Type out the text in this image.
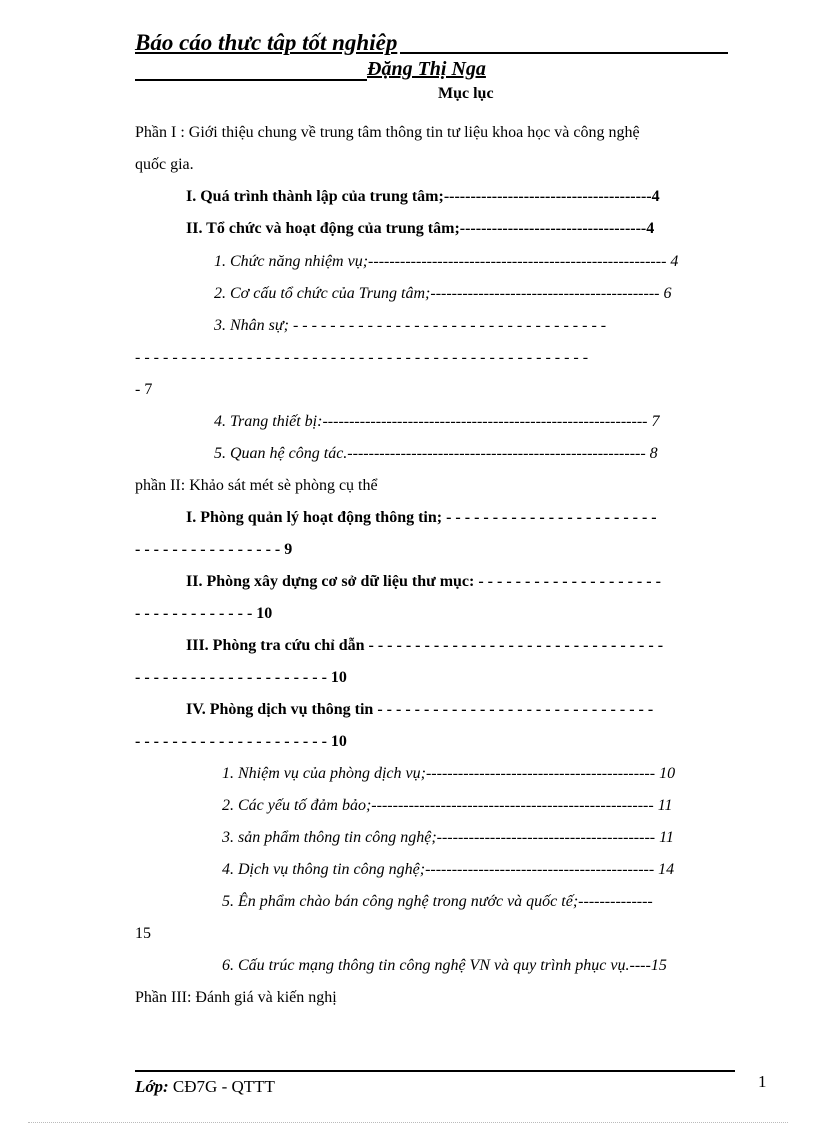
Báo cáo thưc tâp tốt nghiêp
Đặng Thị Nga
Mục lục
Phần I : Giới thiệu chung về trung tâm thông tin tư liệu khoa học và công nghệ
quốc gia.
I. Quá trình thành lập của trung tâm;---------------------------------------4
II. Tổ chức và hoạt động của trung tâm;-----------------------------------4
1. Chức năng nhiệm vụ;-------------------------------------------------------- 4
2. Cơ cấu tổ chức của Trung tâm;------------------------------------------- 6
3. Nhân sự; - - - - - - - - - - - - - - - - - - - - - - - - - - - - - - - - - -
- - - - - - - - - - - - - - - - - - - - - - - - - - - - - - - - - - - - - - - - - - - - - - - - -
- 7
4. Trang thiết bị:------------------------------------------------------------- 7
5. Quan hệ công tác.-------------------------------------------------------- 8
phần II: Khảo sát mét sè phòng cụ thể
I. Phòng quản lý hoạt động thông tin; - - - - - - - - - - - - - - - - - - - - - - -
- - - - - - - - - - - - - - - - 9
II. Phòng xây dựng cơ sở dữ liệu thư mục: - - - - - - - - - - - - - - - - - - - -
- - - - - - - - - - - - - 10
III. Phòng tra cứu chỉ dẫn - - - - - - - - - - - - - - - - - - - - - - - - - - - - - - - -
- - - - - - - - - - - - - - - - - - - - - 10
IV. Phòng dịch vụ thông tin - - - - - - - - - - - - - - - - - - - - - - - - - - - - - -
- - - - - - - - - - - - - - - - - - - - - 10
1. Nhiệm vụ của phòng dịch vụ;------------------------------------------- 10
2. Các yếu tố đảm bảo;----------------------------------------------------- 11
3. sản phẩm thông tin công nghệ;----------------------------------------- 11
4. Dịch vụ thông tin công nghệ;------------------------------------------- 14
5. Ên phẩm chào bán công nghệ trong nước và quốc tế;--------------
15
6. Cấu trúc mạng thông tin công nghệ VN và quy trình phục vụ.----15
Phần III: Đánh giá và kiến nghị
Lớp: CĐ7G - QTTT	1
